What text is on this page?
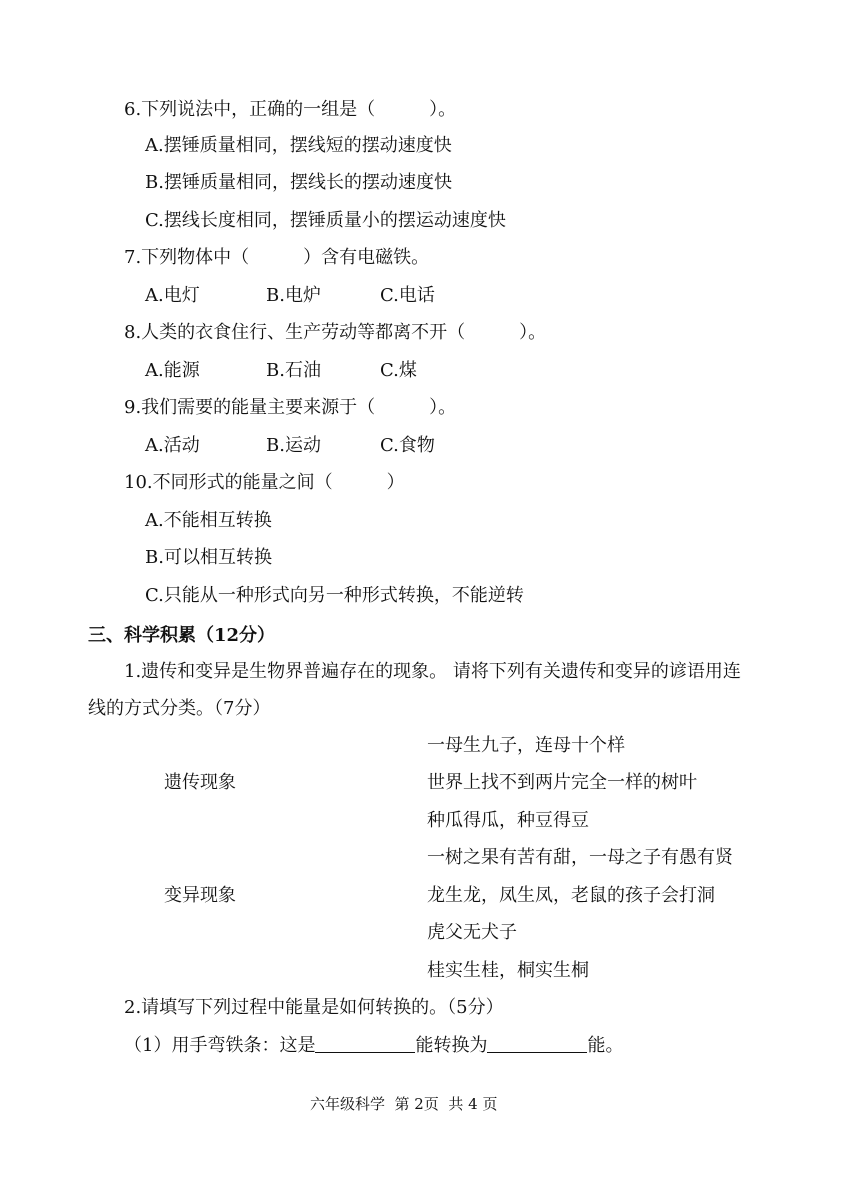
6.下列说法中，正确的一组是（　　　）。
A.摆锤质量相同，摆线短的摆动速度快
B.摆锤质量相同，摆线长的摆动速度快
C.摆线长度相同，摆锤质量小的摆运动速度快
7.下列物体中（　　　）含有电磁铁。
A.电灯	B.电炉	C.电话
8.人类的衣食住行、生产劳动等都离不开（　　　）。
A.能源	B.石油	C.煤
9.我们需要的能量主要来源于（　　　）。
A.活动	B.运动	C.食物
10.不同形式的能量之间（　　　）
A.不能相互转换
B.可以相互转换
C.只能从一种形式向另一种形式转换，不能逆转
三、科学积累（12分）
1.遗传和变异是生物界普遍存在的现象。 请将下列有关遗传和变异的谚语用连
线的方式分类。（7分）
遗传现象
变异现象
一母生九子，连母十个样
世界上找不到两片完全一样的树叶
种瓜得瓜，种豆得豆
一树之果有苦有甜，一母之子有愚有贤
龙生龙，凤生凤，老鼠的孩子会打洞
虎父无犬子
桂实生桂，桐实生桐
2.请填写下列过程中能量是如何转换的。（5分）
（1）用手弯铁条：这是	能转换为	能。
六年级科学  第 2页  共 4 页
